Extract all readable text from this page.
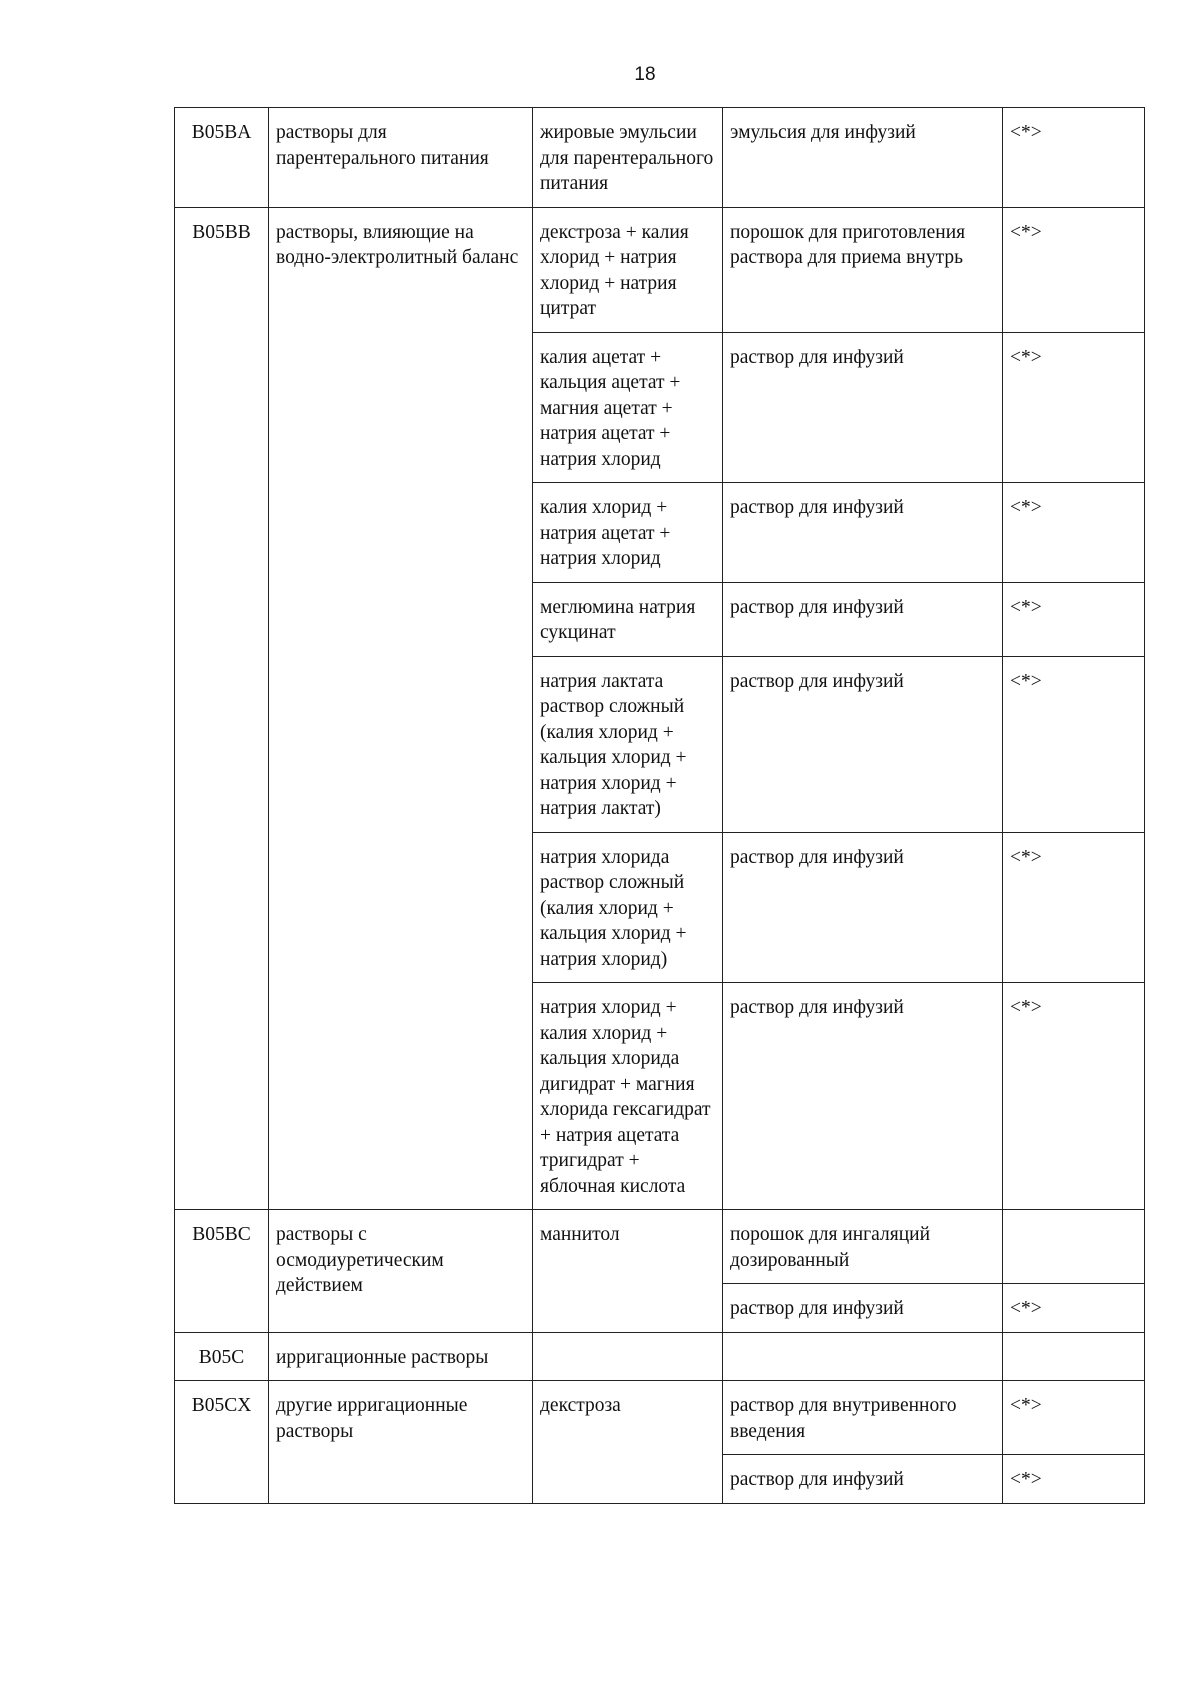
18
B05BA	растворы для парентерального питания	жировые эмульсии для парентерального питания	эмульсия для инфузий	<*>
B05BB	растворы, влияющие на водно-электролитный баланс	декстроза + калия хлорид + натрия хлорид + натрия цитрат	порошок для приготовления раствора для приема внутрь	<*>
		калия ацетат + кальция ацетат + магния ацетат + натрия ацетат + натрия хлорид	раствор для инфузий	<*>
		калия хлорид + натрия ацетат + натрия хлорид	раствор для инфузий	<*>
		меглюмина натрия сукцинат	раствор для инфузий	<*>
		натрия лактата раствор сложный (калия хлорид + кальция хлорид + натрия хлорид + натрия лактат)	раствор для инфузий	<*>
		натрия хлорида раствор сложный (калия хлорид + кальция хлорид + натрия хлорид)	раствор для инфузий	<*>
		натрия хлорид + калия хлорид + кальция хлорида дигидрат + магния хлорида гексагидрат + натрия ацетата тригидрат + яблочная кислота	раствор для инфузий	<*>
B05BC	растворы с осмодиуретическим действием	маннитол	порошок для ингаляций дозированный	
			раствор для инфузий	<*>
B05C	ирригационные растворы			
B05CX	другие ирригационные растворы	декстроза	раствор для внутривенного введения	<*>
			раствор для инфузий	<*>
